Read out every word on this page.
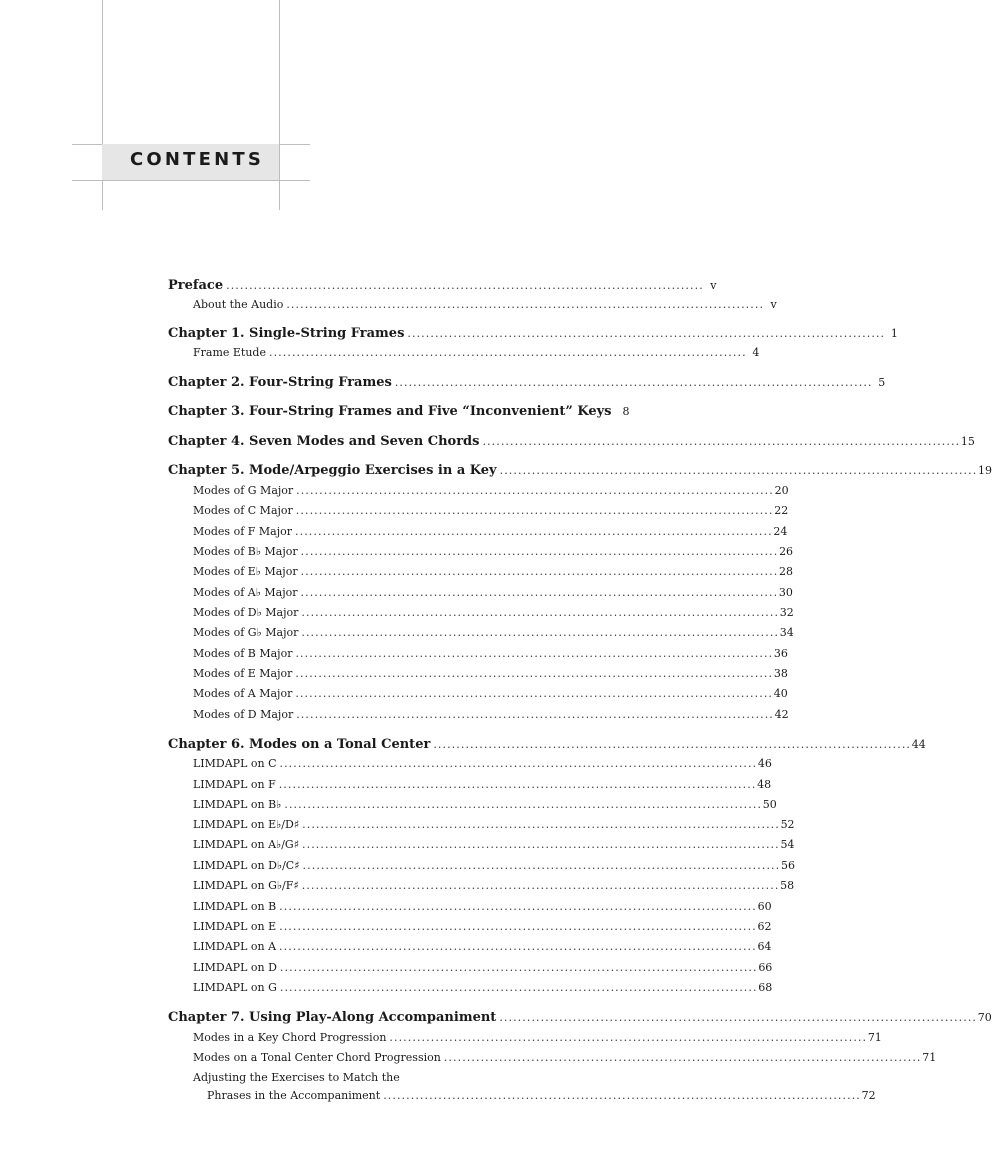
CONTENTS
Preface . . .	v
About the Audio . . .	v
Chapter 1. Single-String Frames . . .	1
Frame Etude . . .	4
Chapter 2. Four-String Frames . . .	5
Chapter 3. Four-String Frames and Five “Inconvenient” Keys	8
Chapter 4. Seven Modes and Seven Chords . . .	15
Chapter 5. Mode/Arpeggio Exercises in a Key . . .	19
Modes of G Major . . .	20
Modes of C Major . . .	22
Modes of F Major . . .	24
Modes of B♭ Major . . .	26
Modes of E♭ Major . . .	28
Modes of A♭ Major . . .	30
Modes of D♭ Major . . .	32
Modes of G♭ Major . . .	34
Modes of B Major . . .	36
Modes of E Major . . .	38
Modes of A Major . . .	40
Modes of D Major . . .	42
Chapter 6. Modes on a Tonal Center . . .	44
LIMDAPL on C . . .	46
LIMDAPL on F . . .	48
LIMDAPL on B♭ . . .	50
LIMDAPL on E♭/D♯ . . .	52
LIMDAPL on A♭/G♯ . . .	54
LIMDAPL on D♭/C♯ . . .	56
LIMDAPL on G♭/F♯ . . .	58
LIMDAPL on B . . .	60
LIMDAPL on E . . .	62
LIMDAPL on A . . .	64
LIMDAPL on D . . .	66
LIMDAPL on G . . .	68
Chapter 7. Using Play-Along Accompaniment . . .	70
Modes in a Key Chord Progression . . .	71
Modes on a Tonal Center Chord Progression . . .	71
Adjusting the Exercises to Match the
Phrases in the Accompaniment . . .	72
